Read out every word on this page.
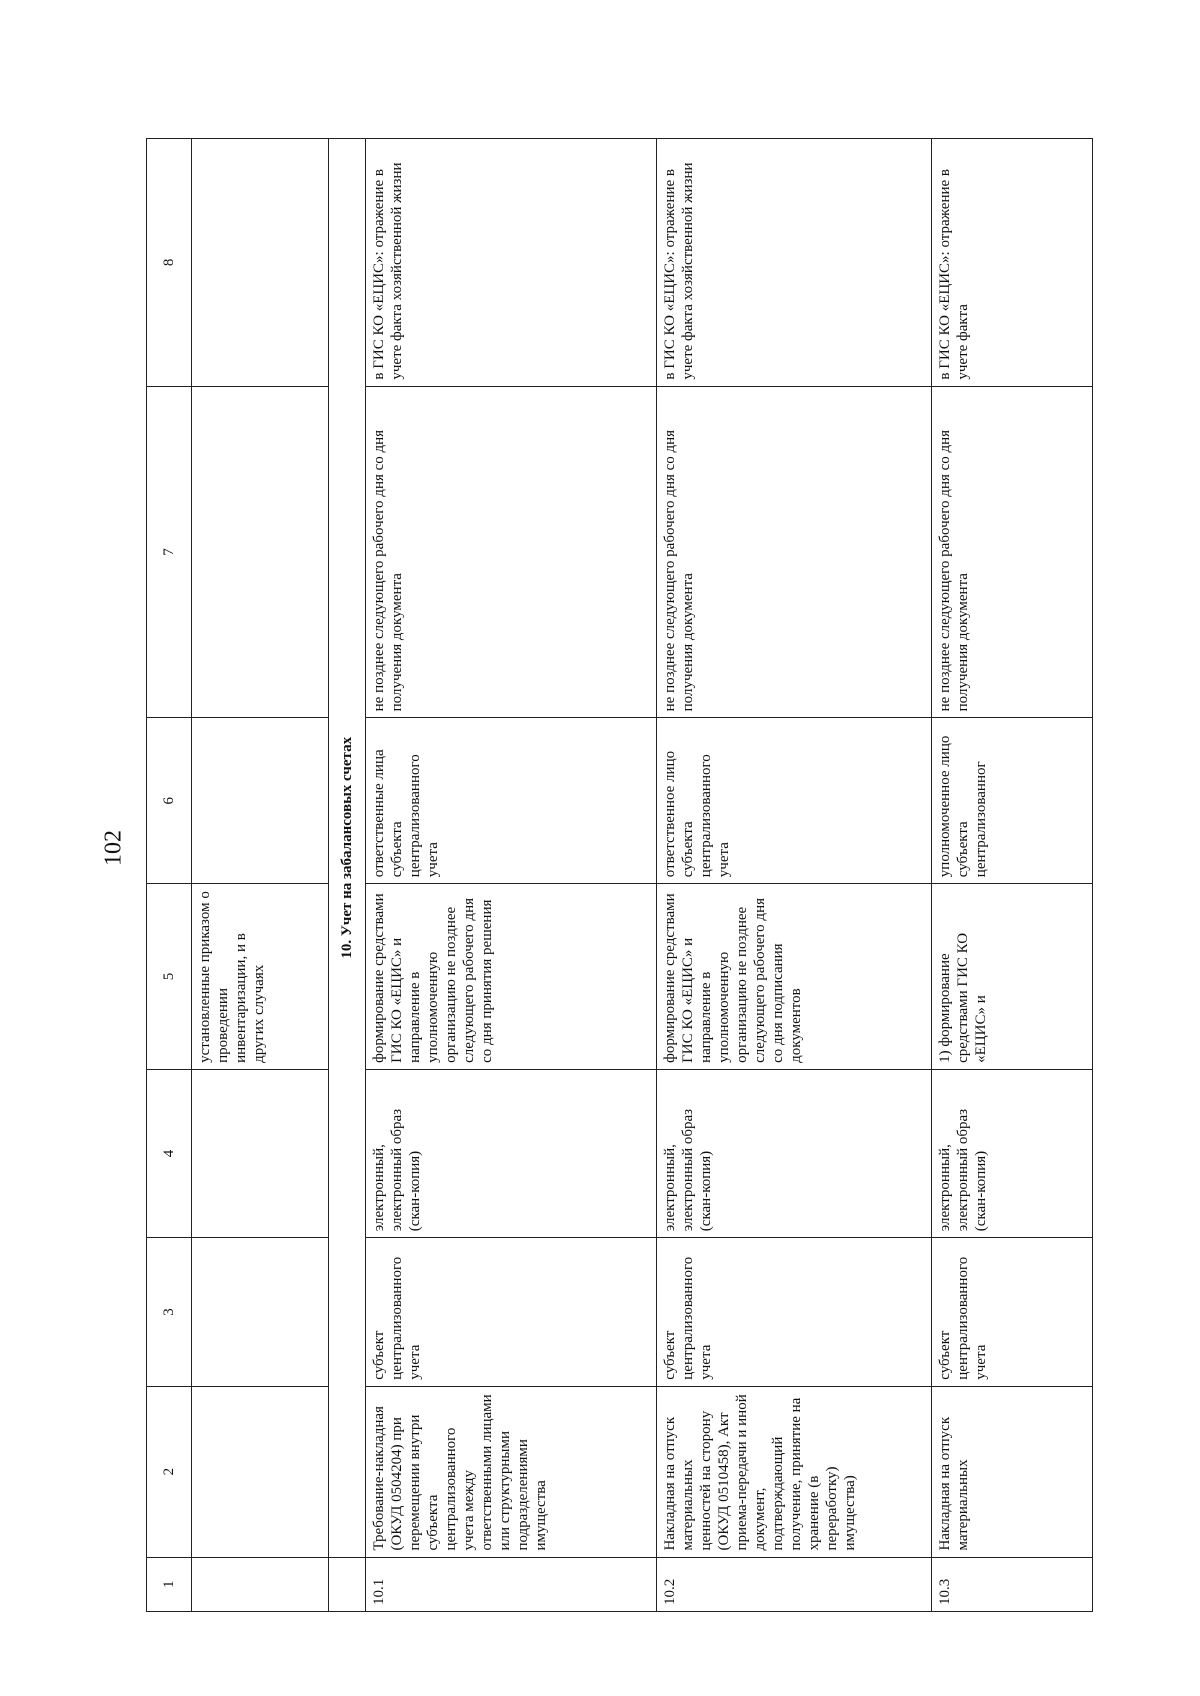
102
1	2	3	4	5	6	7	8
				установленные приказом о проведении инвентаризации, и в других случаях			
	10. Учет на забалансовых счетах						
10.1	Требование-накладная (ОКУД 0504204) при перемещении внутри субъекта централизованного учета между ответственными лицами или структурными подразделениями имущества	субъект централизованного учета	электронный, электронный образ (скан-копия)	формирование средствами ГИС КО «ЕЦИС» и направление в уполномоченную организацию не позднее следующего рабочего дня со дня принятия решения	ответственные лица субъекта централизованного учета	не позднее следующего рабочего дня со дня получения документа	в ГИС КО «ЕЦИС»: отражение в учете факта хозяйственной жизни
10.2	Накладная на отпуск материальных ценностей на сторону (ОКУД 0510458), Акт приема-передачи и иной документ, подтверждающий получение, принятие на хранение (в переработку) имущества)	субъект централизованного учета	электронный, электронный образ (скан-копия)	формирование средствами ГИС КО «ЕЦИС» и направление в уполномоченную организацию не позднее следующего рабочего дня со дня подписания документов	ответственное лицо субъекта централизованного учета	не позднее следующего рабочего дня со дня получения документа	в ГИС КО «ЕЦИС»: отражение в учете факта хозяйственной жизни
10.3	Накладная на отпуск материальных	субъект централизованного учета	электронный, электронный образ (скан-копия)	1) формирование средствами ГИС КО «ЕЦИС» и	уполномоченное лицо субъекта централизованног	не позднее следующего рабочего дня со дня получения документа	в ГИС КО «ЕЦИС»: отражение в учете факта
